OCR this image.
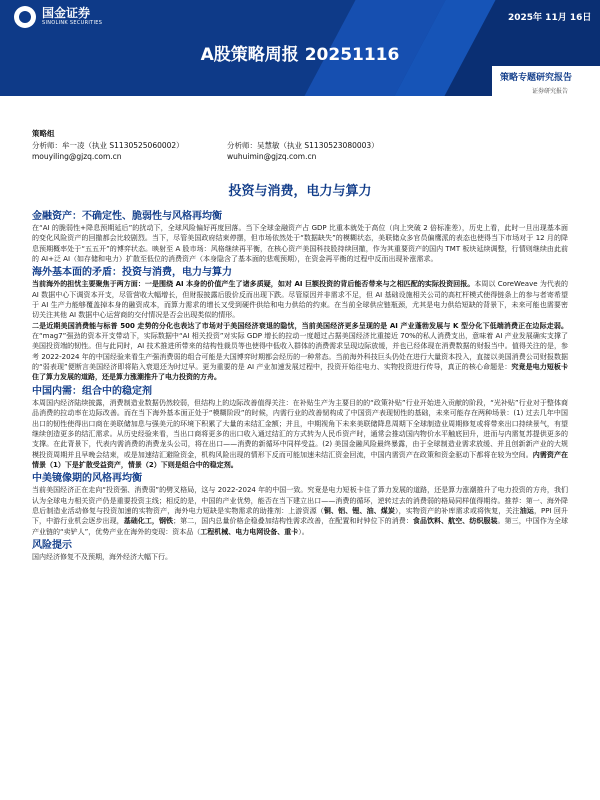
国金证券
SINOLINK SECURITIES	2025年 11月 16日
A股策略周报 20251116
策略专题研究报告
证券研究报告
策略组
分析师：牟一凌（执业 S1130525060002）	分析师：吴慧敏（执业 S1130523080003）
mouyiling@gjzq.com.cn	wuhuimin@gjzq.com.cn
投资与消费，电力与算力
金融资产：不确定性、脆弱性与风格再均衡

在“AI 的脆弱性+降息预期延后”的扰动下，全球风险偏好再度回落。当下全球金融资产占 GDP 比重本就处于高位（向上突破 2 倍标准差），历史上看，此时一旦出现基本面的变化风险资产的回撤都会比较剧烈。当下，尽管美国政府结束停摆，但市场依然处于“数据缺失”的模糊状态，美联储众多官员偏鹰派的表态也使得当下市场对于 12 月的降息预期概率处于“五五开”的博弈状态。映射至 A 股市场：风格继续再平衡，在核心资产美国科技股持续回撤，作为其重要资产的国内 TMT 板块延续调整，行情则继续由此前的 AI+泛 AI（如存储和电力）扩散至低位的消费资产（本身隐含了基本面的悲观预期），在资金再平衡的过程中反而出现补涨需求。

海外基本面的矛盾：投资与消费，电力与算力

当前海外的担忧主要聚焦于两方面：一是围绕 AI 本身的价值产生了诸多质疑，如对 AI 巨额投资的背后能否带来与之相匹配的实际投资回报。本周以 CoreWeave 为代表的 AI 数据中心下调资本开支，尽管营收大幅增长，但财报披露后股价反而出现下跌。尽管原因并非需求不足，但 AI 基础设施相关公司的高杠杆模式使得链条上的参与者寄希望于 AI 生产力能够覆盖掉本身的融资成本，而算力需求的增长又受到硬件供给和电力供给的约束。在当前全球供应链瓶颈，尤其是电力供给短缺的背景下，未来可能也需要密切关注其他 AI 数据中心运营商的交付情况是否会出现类似的情形。

二是近期美国消费能与标普 500 走势的分化也表达了市场对于美国经济衰退的隐忧，当前美国经济更多呈现的是 AI 产业蓬勃发展与 K 型分化下低端消费正在边际走弱。在“mag7”强劲的资本开支带动下，实际数据中“AI 相关投资”对实际 GDP 增长的拉动一度超过占据美国经济比重接近 70%的私人消费支出，意味着 AI 产业发展确实支撑了美国投资端的韧性。但与此同时，AI 技术推进所带来的结构性裁员等也使得中低收入群体的消费需求呈现边际放缓，并也已经体现在消费数据的财报当中。值得关注的是，参考 2022-2024 年的中国经验来看生产强消费弱的组合可能是大国博弈时期都会经历的一种常态。当前海外科技巨头仍处在进行大量资本投入，直接以美国消费公司财报数据的“弱表现”便断言美国经济即将陷入衰退还为时过早。更为重要的是 AI 产业加速发展过程中，投资开始往电力、实物投资进行传导，真正的核心命题是：究竟是电力短板卡住了算力发展的道路，还是算力涨潮推升了电力投资的方舟。

中国内需：组合中的稳定剂

本周国内经济陆续披露，消费制造业数据仍然较弱，但结构上的边际改善值得关注：在补贴生产为主要目的的“政策补贴”行业开始进入贡献的阶段，“光补贴”行业对于整体商品消费的拉动率在边际改善。而在当下海外基本面正处于“模糊阶段”的时候，内需行业的改善韧构成了中国资产表现韧性的基础，未来可能存在两种场景：(1) 过去几年中国出口的韧性使得出口商在美联储加息与强美元的环境下积累了大量的未结汇金额；并且，中期视角下未来美联储降息周期下全球制造业周期修复或将带来出口持续景气，有望继续创造更多的结汇需求。从历史经验来看，当出口商将更多的出口收入通过结汇的方式转为人民币资产时，通常会推动国内物价水平触底回升，进而与内需复苏提供更多的支撑。在此背景下，代表内需消费的消费龙头公司，将在出口——消费的新循环中同样受益。(2) 美国金融风险最终暴露，由于全球制造业需求放缓、并且创新新产业的大规模投资周期并且早晚会结束，或是加速结汇避险资金，机构风险出现的情形下反而可能加速未结汇资金回流，中国内需资产在政策和资金驱动下都将在较为空间。内需资产在情景（1）下是扩散受益资产，情景（2）下则是组合中的稳定剂。

中美镜像期的风格再均衡

当前美国经济正在走向“投资强、消费弱”的劈叉格局，这与 2022-2024 年的中国一致。究竟是电力短板卡住了算力发展的道路，还是算力涨潮推升了电力投资的方舟，我们认为全球电力相关资产仍是重要投资主线；相反的是，中国的产业优势，能否在当下建立出口——消费的循环，逆转过去的消费弱的格局同样值得期待。推荐：第一、海外降息后制造业活动修复与投资加速的实物资产，海外电力短缺是实物需求的助推剂：上游资源（铜、铝、锂、油、煤炭），实物资产的补库需求或将恢复，关注油运，PPI 回升下，中游行业机会逐步出现，基础化工，钢铁；第二，国内总量价格企稳叠加结构性需求改善，在配置和时钟位下的消费：食品饮料、航空、纺织服装。第三，中国作为全球产业链的“卖铲人”，优势产业在海外的变现：资本品（工程机械、电力电网设备、重卡）。

风险提示

国内经济修复不及预期，海外经济大幅下行。
